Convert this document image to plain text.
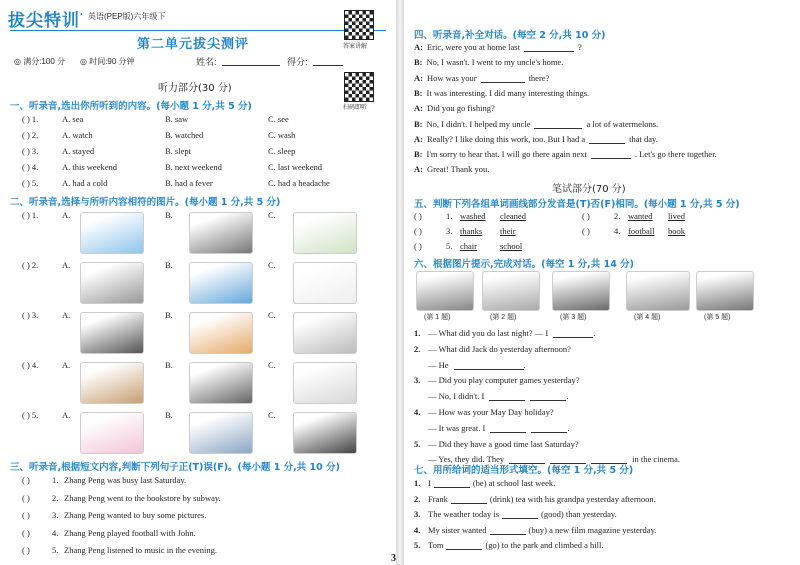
拔尖特训 • 英语(PEP版)六年级下
答案讲解
扫码即听
第二单元拔尖测评
◎ 满分:100 分 ◎ 时间:90 分钟	姓名:	得分:
听力部分(30 分)
一、听录音,选出你所听到的内容。(每小题 1 分,共 5 分)
( ) 1.	A. sea	B. saw	C. see
( ) 2.	A. watch	B. watched	C. wash
( ) 3.	A. stayed	B. slept	C. sleep
( ) 4.	A. this weekend	B. next weekend	C. last weekend
( ) 5.	A. had a cold	B. had a fever	C. had a headache
二、听录音,选择与所听内容相符的图片。(每小题 1 分,共 5 分)
( ) 1.	A.	B.	C.
( ) 2.	A.	B.	C.
( ) 3.	A.	B.	C.
( ) 4.	A.	B.	C.
( ) 5.	A.	B.	C.
三、听录音,根据短文内容,判断下列句子正(T)误(F)。(每小题 1 分,共 10 分)
( )	1. Zhang Peng was busy last Saturday.
( )	2. Zhang Peng went to the bookstore by subway.
( )	3. Zhang Peng wanted to buy some pictures.
( )	4. Zhang Peng played football with John.
( )	5. Zhang Peng listened to music in the evening.
四、听录音,补全对话。(每空 2 分,共 10 分)
A: Eric, were you at home last	?
B: No, I wasn't. I went to my uncle's home.
A: How was your	there?
B: It was interesting. I did many interesting things.
A: Did you go fishing?
B: No, I didn't. I helped my uncle	a lot of watermelons.
A: Really? I like doing this work, too. But I had a	that day.
B: I'm sorry to hear that. I will go there again next	. Let's go there together.
A: Great! Thank you.
笔试部分(70 分)
五、判断下列各组单词画线部分发音是(T)否(F)相同。(每小题 1 分,共 5 分)
( )	1. washed cleaned	( )	2. wanted lived
( )	3. thanks their	( )	4. football book
( )	5. chair	school
六、根据图片提示,完成对话。(每空 1 分,共 14 分)
(第 1 题)	(第 2 题)	(第 3 题)	(第 4 题)	(第 5 题)
1. — What did you do last night? — I	.
2. — What did Jack do yesterday afternoon?
— He	.
3. — Did you play computer games yesterday?
— No, I didn't. I	.
4. — How was your May Day holiday?
— It was great. I	.
5. — Did they have a good time last Saturday?
— Yes, they did. They	in the cinema.
七、用所给词的适当形式填空。(每空 1 分,共 5 分)
1. I	(be) at school last week.
2. Frank	(drink) tea with his grandpa yesterday afternoon.
3. The weather today is	(good) than yesterday.
4. My sister wanted	(buy) a new film magazine yesterday.
5. Tom	(go) to the park and climbed a hill.
3
